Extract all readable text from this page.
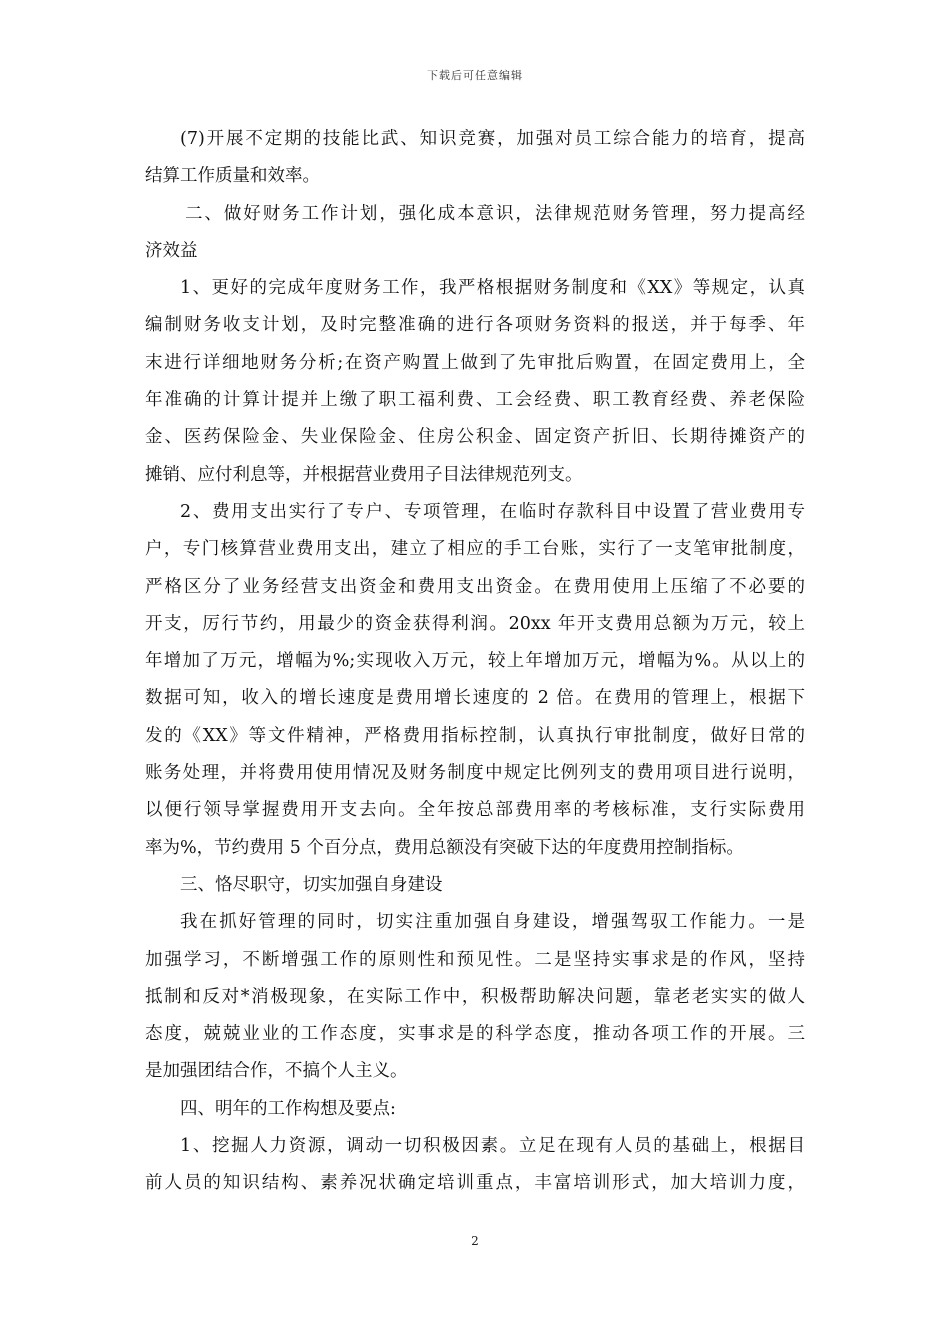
下载后可任意编辑
(7)开展不定期的技能比武、知识竞赛，加强对员工综合能力的培育，提高
结算工作质量和效率。
二、做好财务工作计划，强化成本意识，法律规范财务管理，努力提高经
济效益
1、更好的完成年度财务工作，我严格根据财务制度和《XX》等规定，认真
编制财务收支计划，及时完整准确的进行各项财务资料的报送，并于每季、年
末进行详细地财务分析;在资产购置上做到了先审批后购置，在固定费用上，全
年准确的计算计提并上缴了职工福利费、工会经费、职工教育经费、养老保险
金、医药保险金、失业保险金、住房公积金、固定资产折旧、长期待摊资产的
摊销、应付利息等，并根据营业费用子目法律规范列支。
2、费用支出实行了专户、专项管理，在临时存款科目中设置了营业费用专
户，专门核算营业费用支出，建立了相应的手工台账，实行了一支笔审批制度，
严格区分了业务经营支出资金和费用支出资金。在费用使用上压缩了不必要的
开支，厉行节约，用最少的资金获得利润。20xx 年开支费用总额为万元，较上
年增加了万元，增幅为%;实现收入万元，较上年增加万元，增幅为%。从以上的
数据可知，收入的增长速度是费用增长速度的 2 倍。在费用的管理上，根据下
发的《XX》等文件精神，严格费用指标控制，认真执行审批制度，做好日常的
账务处理，并将费用使用情况及财务制度中规定比例列支的费用项目进行说明，
以便行领导掌握费用开支去向。全年按总部费用率的考核标准，支行实际费用
率为%，节约费用 5 个百分点，费用总额没有突破下达的年度费用控制指标。
三、恪尽职守，切实加强自身建设
我在抓好管理的同时，切实注重加强自身建设，增强驾驭工作能力。一是
加强学习，不断增强工作的原则性和预见性。二是坚持实事求是的作风，坚持
抵制和反对*消极现象，在实际工作中，积极帮助解决问题，靠老老实实的做人
态度，兢兢业业的工作态度，实事求是的科学态度，推动各项工作的开展。三
是加强团结合作，不搞个人主义。
四、明年的工作构想及要点:
1、挖掘人力资源，调动一切积极因素。立足在现有人员的基础上，根据目
前人员的知识结构、素养况状确定培训重点，丰富培训形式，加大培训力度，
2
